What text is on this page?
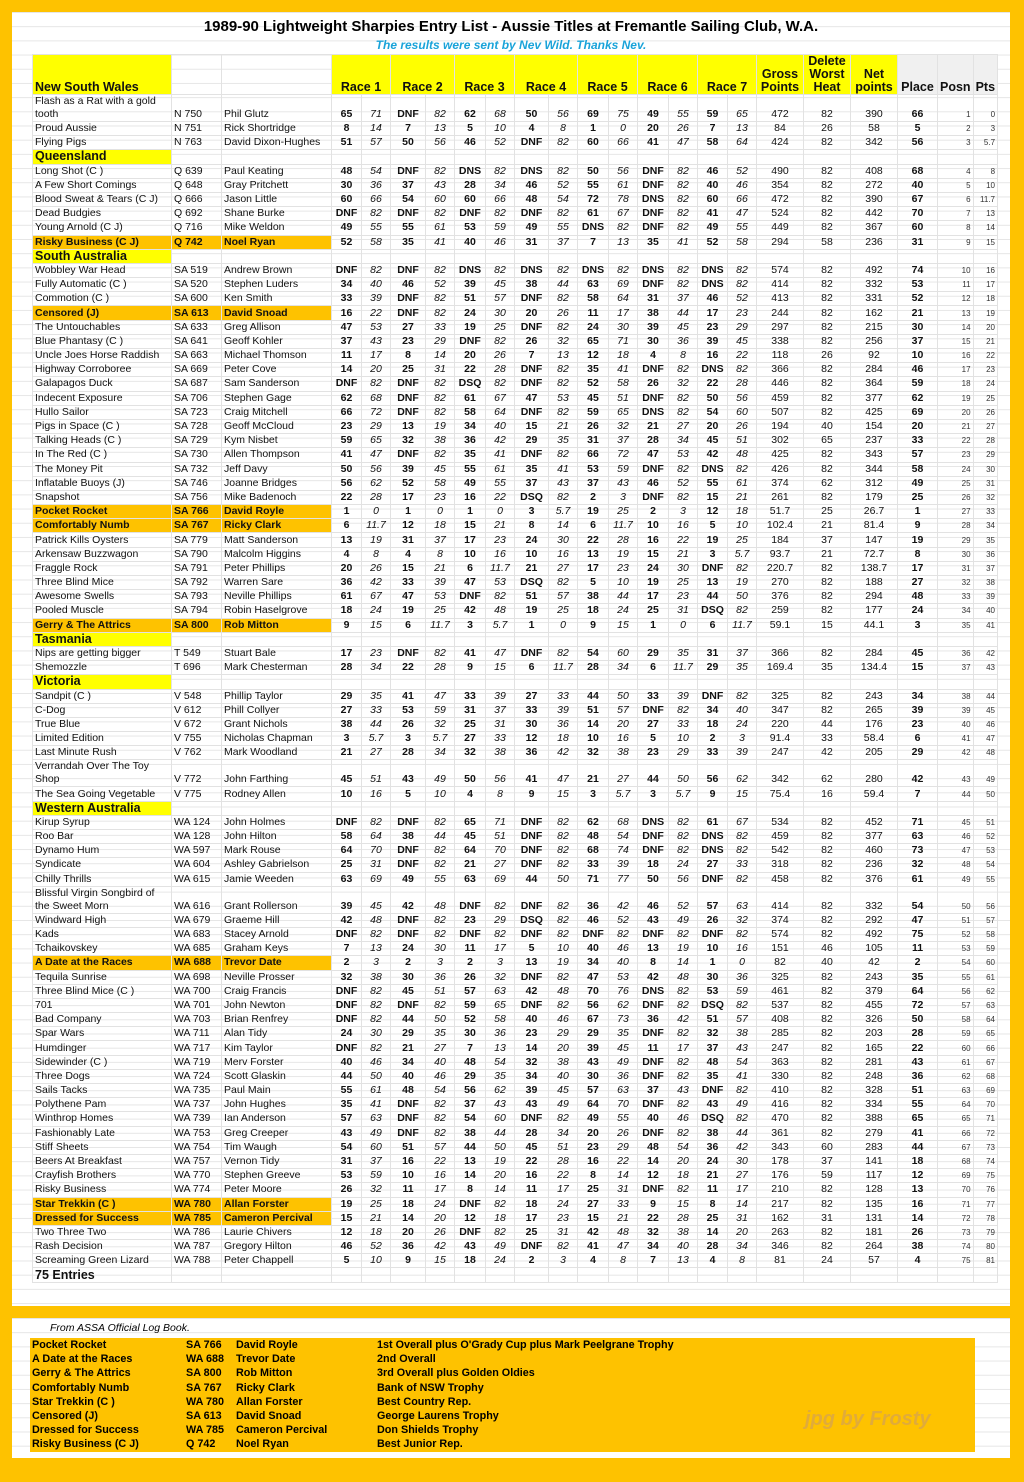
1989-90 Lightweight Sharpies Entry List - Aussie Titles at Fremantle Sailing Club, W.A.
The results were sent by Nev Wild. Thanks Nev.
New South Wales			Race 1		Race 2		Race 3		Race 4		Race 5		Race 6		Race 7		Gross Points	Delete Worst Heat	Net points	Place	Posn	Pts
Flash as a Rat with a gold tooth	N 750	Phil Glutz	65	71	DNF	82	62	68	50	56	69	75	49	55	59	65	472	82	390	66	1	0
Proud Aussie	N 751	Rick Shortridge	8	14	7	13	5	10	4	8	1	0	20	26	7	13	84	26	58	5	2	3
Flying Pigs	N 763	David Dixon-Hughes	51	57	50	56	46	52	DNF	82	60	66	41	47	58	64	424	82	342	56	3	5.7
Queensland																						
Long Shot (C )	Q 639	Paul Keating	48	54	DNF	82	DNS	82	DNS	82	50	56	DNF	82	46	52	490	82	408	68	4	8
A Few Short Comings	Q 648	Gray Pritchett	30	36	37	43	28	34	46	52	55	61	DNF	82	40	46	354	82	272	40	5	10
Blood Sweat & Tears (C J)	Q 666	Jason Little	60	66	54	60	60	66	48	54	72	78	DNS	82	60	66	472	82	390	67	6	11.7
Dead Budgies	Q 692	Shane Burke	DNF	82	DNF	82	DNF	82	DNF	82	61	67	DNF	82	41	47	524	82	442	70	7	13
Young Arnold (C J)	Q 716	Mike Weldon	49	55	55	61	53	59	49	55	DNS	82	DNF	82	49	55	449	82	367	60	8	14
Risky Business (C J)	Q 742	Noel Ryan	52	58	35	41	40	46	31	37	7	13	35	41	52	58	294	58	236	31	9	15
South Australia																						
Wobbley War Head	SA 519	Andrew Brown	DNF	82	DNF	82	DNS	82	DNS	82	DNS	82	DNS	82	DNS	82	574	82	492	74	10	16
Fully Automatic (C )	SA 520	Stephen Luders	34	40	46	52	39	45	38	44	63	69	DNF	82	DNS	82	414	82	332	53	11	17
Commotion (C )	SA 600	Ken Smith	33	39	DNF	82	51	57	DNF	82	58	64	31	37	46	52	413	82	331	52	12	18
Censored (J)	SA 613	David Snoad	16	22	DNF	82	24	30	20	26	11	17	38	44	17	23	244	82	162	21	13	19
The Untouchables	SA 633	Greg Allison	47	53	27	33	19	25	DNF	82	24	30	39	45	23	29	297	82	215	30	14	20
Blue Phantasy (C )	SA 641	Geoff Kohler	37	43	23	29	DNF	82	26	32	65	71	30	36	39	45	338	82	256	37	15	21
Uncle Joes Horse Raddish	SA 663	Michael Thomson	11	17	8	14	20	26	7	13	12	18	4	8	16	22	118	26	92	10	16	22
Highway Corroboree	SA 669	Peter Cove	14	20	25	31	22	28	DNF	82	35	41	DNF	82	DNS	82	366	82	284	46	17	23
Galapagos Duck	SA 687	Sam Sanderson	DNF	82	DNF	82	DSQ	82	DNF	82	52	58	26	32	22	28	446	82	364	59	18	24
Indecent Exposure	SA 706	Stephen Gage	62	68	DNF	82	61	67	47	53	45	51	DNF	82	50	56	459	82	377	62	19	25
Hullo Sailor	SA 723	Craig Mitchell	66	72	DNF	82	58	64	DNF	82	59	65	DNS	82	54	60	507	82	425	69	20	26
Pigs in Space (C )	SA 728	Geoff McCloud	23	29	13	19	34	40	15	21	26	32	21	27	20	26	194	40	154	20	21	27
Talking Heads (C )	SA 729	Kym Nisbet	59	65	32	38	36	42	29	35	31	37	28	34	45	51	302	65	237	33	22	28
In The Red (C )	SA 730	Allen Thompson	41	47	DNF	82	35	41	DNF	82	66	72	47	53	42	48	425	82	343	57	23	29
The Money Pit	SA 732	Jeff Davy	50	56	39	45	55	61	35	41	53	59	DNF	82	DNS	82	426	82	344	58	24	30
Inflatable Buoys (J)	SA 746	Joanne Bridges	56	62	52	58	49	55	37	43	37	43	46	52	55	61	374	62	312	49	25	31
Snapshot	SA 756	Mike Badenoch	22	28	17	23	16	22	DSQ	82	2	3	DNF	82	15	21	261	82	179	25	26	32
Pocket Rocket	SA 766	David Royle	1	0	1	0	1	0	3	5.7	19	25	2	3	12	18	51.7	25	26.7	1	27	33
Comfortably Numb	SA 767	Ricky Clark	6	11.7	12	18	15	21	8	14	6	11.7	10	16	5	10	102.4	21	81.4	9	28	34
Patrick Kills Oysters	SA 779	Matt Sanderson	13	19	31	37	17	23	24	30	22	28	16	22	19	25	184	37	147	19	29	35
Arkensaw Buzzwagon	SA 790	Malcolm Higgins	4	8	4	8	10	16	10	16	13	19	15	21	3	5.7	93.7	21	72.7	8	30	36
Fraggle Rock	SA 791	Peter Phillips	20	26	15	21	6	11.7	21	27	17	23	24	30	DNF	82	220.7	82	138.7	17	31	37
Three Blind Mice	SA 792	Warren Sare	36	42	33	39	47	53	DSQ	82	5	10	19	25	13	19	270	82	188	27	32	38
Awesome Swells	SA 793	Neville Phillips	61	67	47	53	DNF	82	51	57	38	44	17	23	44	50	376	82	294	48	33	39
Pooled Muscle	SA 794	Robin Haselgrove	18	24	19	25	42	48	19	25	18	24	25	31	DSQ	82	259	82	177	24	34	40
Gerry & The Attrics	SA 800	Rob Mitton	9	15	6	11.7	3	5.7	1	0	9	15	1	0	6	11.7	59.1	15	44.1	3	35	41
Tasmania																						
Nips are getting bigger	T 549	Stuart Bale	17	23	DNF	82	41	47	DNF	82	54	60	29	35	31	37	366	82	284	45	36	42
Shemozzle	T 696	Mark Chesterman	28	34	22	28	9	15	6	11.7	28	34	6	11.7	29	35	169.4	35	134.4	15	37	43
Victoria																						
Sandpit (C )	V 548	Phillip Taylor	29	35	41	47	33	39	27	33	44	50	33	39	DNF	82	325	82	243	34	38	44
C-Dog	V 612	Phill Collyer	27	33	53	59	31	37	33	39	51	57	DNF	82	34	40	347	82	265	39	39	45
True Blue	V 672	Grant Nichols	38	44	26	32	25	31	30	36	14	20	27	33	18	24	220	44	176	23	40	46
Limited Edition	V 755	Nicholas Chapman	3	5.7	3	5.7	27	33	12	18	10	16	5	10	2	3	91.4	33	58.4	6	41	47
Last Minute Rush	V 762	Mark Woodland	21	27	28	34	32	38	36	42	32	38	23	29	33	39	247	42	205	29	42	48
Verrandah Over The Toy Shop	V 772	John Farthing	45	51	43	49	50	56	41	47	21	27	44	50	56	62	342	62	280	42	43	49
The Sea Going Vegetable	V 775	Rodney Allen	10	16	5	10	4	8	9	15	3	5.7	3	5.7	9	15	75.4	16	59.4	7	44	50
Western Australia																						
Kirup Syrup	WA 124	John Holmes	DNF	82	DNF	82	65	71	DNF	82	62	68	DNS	82	61	67	534	82	452	71	45	51
Roo Bar	WA 128	John Hilton	58	64	38	44	45	51	DNF	82	48	54	DNF	82	DNS	82	459	82	377	63	46	52
Dynamo Hum	WA 597	Mark Rouse	64	70	DNF	82	64	70	DNF	82	68	74	DNF	82	DNS	82	542	82	460	73	47	53
Syndicate	WA 604	Ashley Gabrielson	25	31	DNF	82	21	27	DNF	82	33	39	18	24	27	33	318	82	236	32	48	54
Chilly Thrills	WA 615	Jamie Weeden	63	69	49	55	63	69	44	50	71	77	50	56	DNF	82	458	82	376	61	49	55
Blissful Virgin Songbird of the Sweet Morn	WA 616	Grant Rollerson	39	45	42	48	DNF	82	DNF	82	36	42	46	52	57	63	414	82	332	54	50	56
Windward High	WA 679	Graeme Hill	42	48	DNF	82	23	29	DSQ	82	46	52	43	49	26	32	374	82	292	47	51	57
Kads	WA 683	Stacey Arnold	DNF	82	DNF	82	DNF	82	DNF	82	DNF	82	DNF	82	DNF	82	574	82	492	75	52	58
Tchaikovskey	WA 685	Graham Keys	7	13	24	30	11	17	5	10	40	46	13	19	10	16	151	46	105	11	53	59
A Date at the Races	WA 688	Trevor Date	2	3	2	3	2	3	13	19	34	40	8	14	1	0	82	40	42	2	54	60
Tequila Sunrise	WA 698	Neville Prosser	32	38	30	36	26	32	DNF	82	47	53	42	48	30	36	325	82	243	35	55	61
Three Blind Mice (C )	WA 700	Craig Francis	DNF	82	45	51	57	63	42	48	70	76	DNS	82	53	59	461	82	379	64	56	62
701	WA 701	John Newton	DNF	82	DNF	82	59	65	DNF	82	56	62	DNF	82	DSQ	82	537	82	455	72	57	63
Bad Company	WA 703	Brian Renfrey	DNF	82	44	50	52	58	40	46	67	73	36	42	51	57	408	82	326	50	58	64
Spar Wars	WA 711	Alan Tidy	24	30	29	35	30	36	23	29	29	35	DNF	82	32	38	285	82	203	28	59	65
Humdinger	WA 717	Kim Taylor	DNF	82	21	27	7	13	14	20	39	45	11	17	37	43	247	82	165	22	60	66
Sidewinder (C )	WA 719	Merv Forster	40	46	34	40	48	54	32	38	43	49	DNF	82	48	54	363	82	281	43	61	67
Three Dogs	WA 724	Scott Glaskin	44	50	40	46	29	35	34	40	30	36	DNF	82	35	41	330	82	248	36	62	68
Sails Tacks	WA 735	Paul Main	55	61	48	54	56	62	39	45	57	63	37	43	DNF	82	410	82	328	51	63	69
Polythene Pam	WA 737	John Hughes	35	41	DNF	82	37	43	43	49	64	70	DNF	82	43	49	416	82	334	55	64	70
Winthrop Homes	WA 739	Ian Anderson	57	63	DNF	82	54	60	DNF	82	49	55	40	46	DSQ	82	470	82	388	65	65	71
Fashionably Late	WA 753	Greg Creeper	43	49	DNF	82	38	44	28	34	20	26	DNF	82	38	44	361	82	279	41	66	72
Stiff Sheets	WA 754	Tim Waugh	54	60	51	57	44	50	45	51	23	29	48	54	36	42	343	60	283	44	67	73
Beers At Breakfast	WA 757	Vernon Tidy	31	37	16	22	13	19	22	28	16	22	14	20	24	30	178	37	141	18	68	74
Crayfish Brothers	WA 770	Stephen Greeve	53	59	10	16	14	20	16	22	8	14	12	18	21	27	176	59	117	12	69	75
Risky Business	WA 774	Peter Moore	26	32	11	17	8	14	11	17	25	31	DNF	82	11	17	210	82	128	13	70	76
Star Trekkin (C )	WA 780	Allan Forster	19	25	18	24	DNF	82	18	24	27	33	9	15	8	14	217	82	135	16	71	77
Dressed for Success	WA 785	Cameron Percival	15	21	14	20	12	18	17	23	15	21	22	28	25	31	162	31	131	14	72	78
Two Three Two	WA 786	Laurie Chivers	12	18	20	26	DNF	82	25	31	42	48	32	38	14	20	263	82	181	26	73	79
Rash Decision	WA 787	Gregory Hilton	46	52	36	42	43	49	DNF	82	41	47	34	40	28	34	346	82	264	38	74	80
Screaming Green Lizard	WA 788	Peter Chappell	5	10	9	15	18	24	2	3	4	8	7	13	4	8	81	24	57	4	75	81
75 Entries																						
From ASSA Official Log Book.
Pocket Rocket	SA 766 David Royle	1st Overall plus O'Grady Cup plus Mark Peelgrane Trophy
A Date at the Races	WA 688 Trevor Date	2nd Overall
Gerry & The Attrics	SA 800 Rob Mitton	3rd Overall plus Golden Oldies
Comfortably Numb	SA 767 Ricky Clark	Bank of NSW Trophy
Star Trekkin (C )	WA 780 Allan Forster	Best Country Rep.
Censored (J)	SA 613 David Snoad	George Laurens Trophy
Dressed for Success	WA 785 Cameron Percival	Don Shields Trophy
Risky Business (C J)	Q 742 Noel Ryan	Best Junior Rep.
jpg by Frosty
